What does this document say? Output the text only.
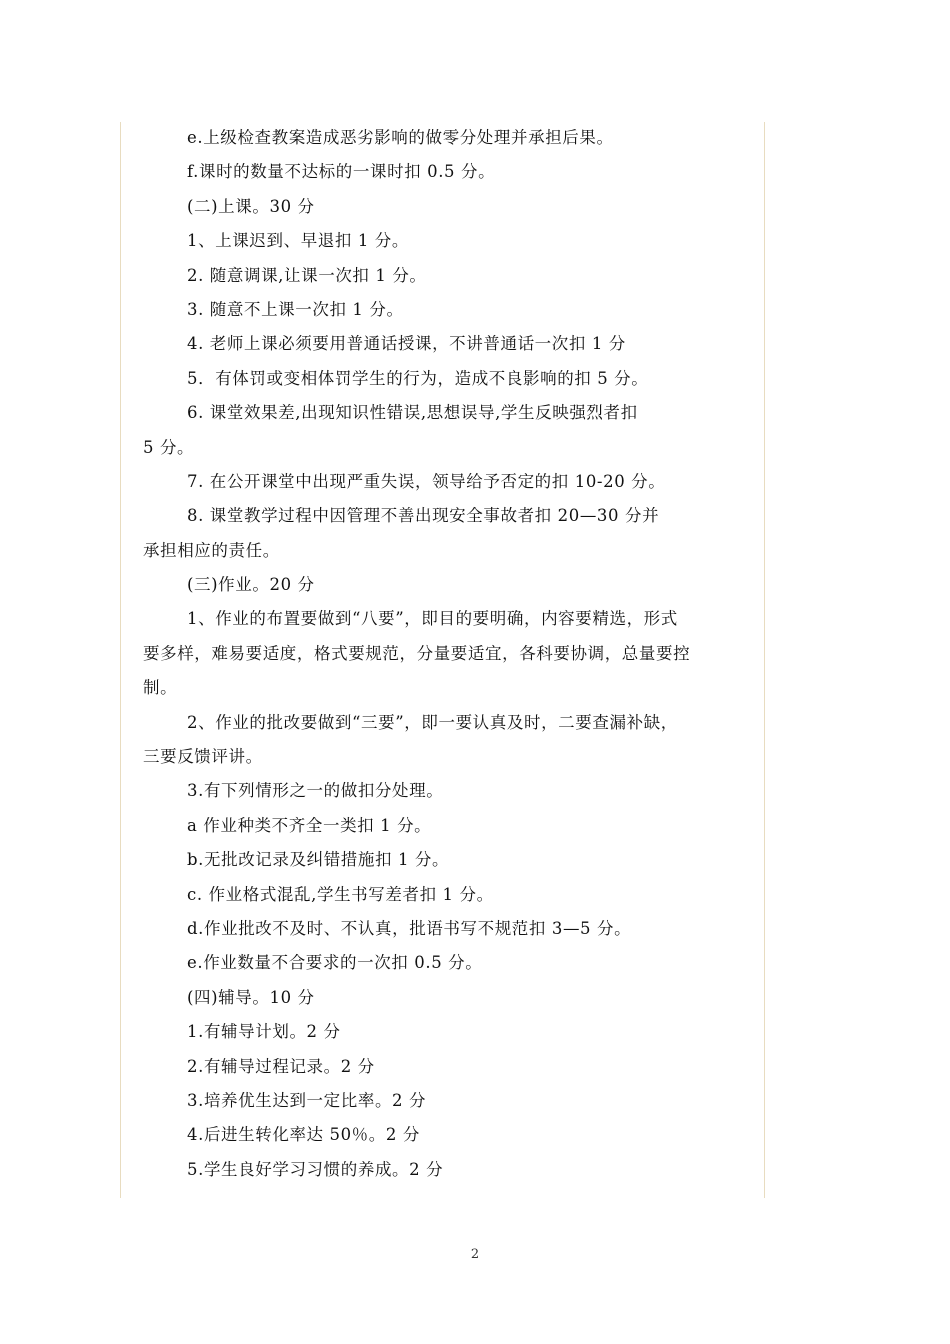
e.上级检查教案造成恶劣影响的做零分处理并承担后果。
f.课时的数量不达标的一课时扣 0.5 分。
(二)上课。30 分
1、上课迟到、早退扣 1 分。
2. 随意调课,让课一次扣 1 分。
3. 随意不上课一次扣 1 分。
4. 老师上课必须要用普通话授课，不讲普通话一次扣 1 分
5．有体罚或变相体罚学生的行为，造成不良影响的扣 5 分。
6. 课堂效果差,出现知识性错误,思想误导,学生反映强烈者扣
5 分。
7. 在公开课堂中出现严重失误，领导给予否定的扣 10-20 分。
8. 课堂教学过程中因管理不善出现安全事故者扣 20—30 分并
承担相应的责任。
(三)作业。20 分
1、作业的布置要做到“八要”，即目的要明确，内容要精选，形式
要多样，难易要适度，格式要规范，分量要适宜，各科要协调，总量要控
制。
2、作业的批改要做到“三要”，即一要认真及时，二要查漏补缺，
三要反馈评讲。
3.有下列情形之一的做扣分处理。
a 作业种类不齐全一类扣 1 分。
b.无批改记录及纠错措施扣 1 分。
c. 作业格式混乱,学生书写差者扣 1 分。
d.作业批改不及时、不认真，批语书写不规范扣 3—5 分。
e.作业数量不合要求的一次扣 0.5 分。
(四)辅导。10 分
1.有辅导计划。2 分
2.有辅导过程记录。2 分
3.培养优生达到一定比率。2 分
4.后进生转化率达 50％。2 分
5.学生良好学习习惯的养成。2 分
2
